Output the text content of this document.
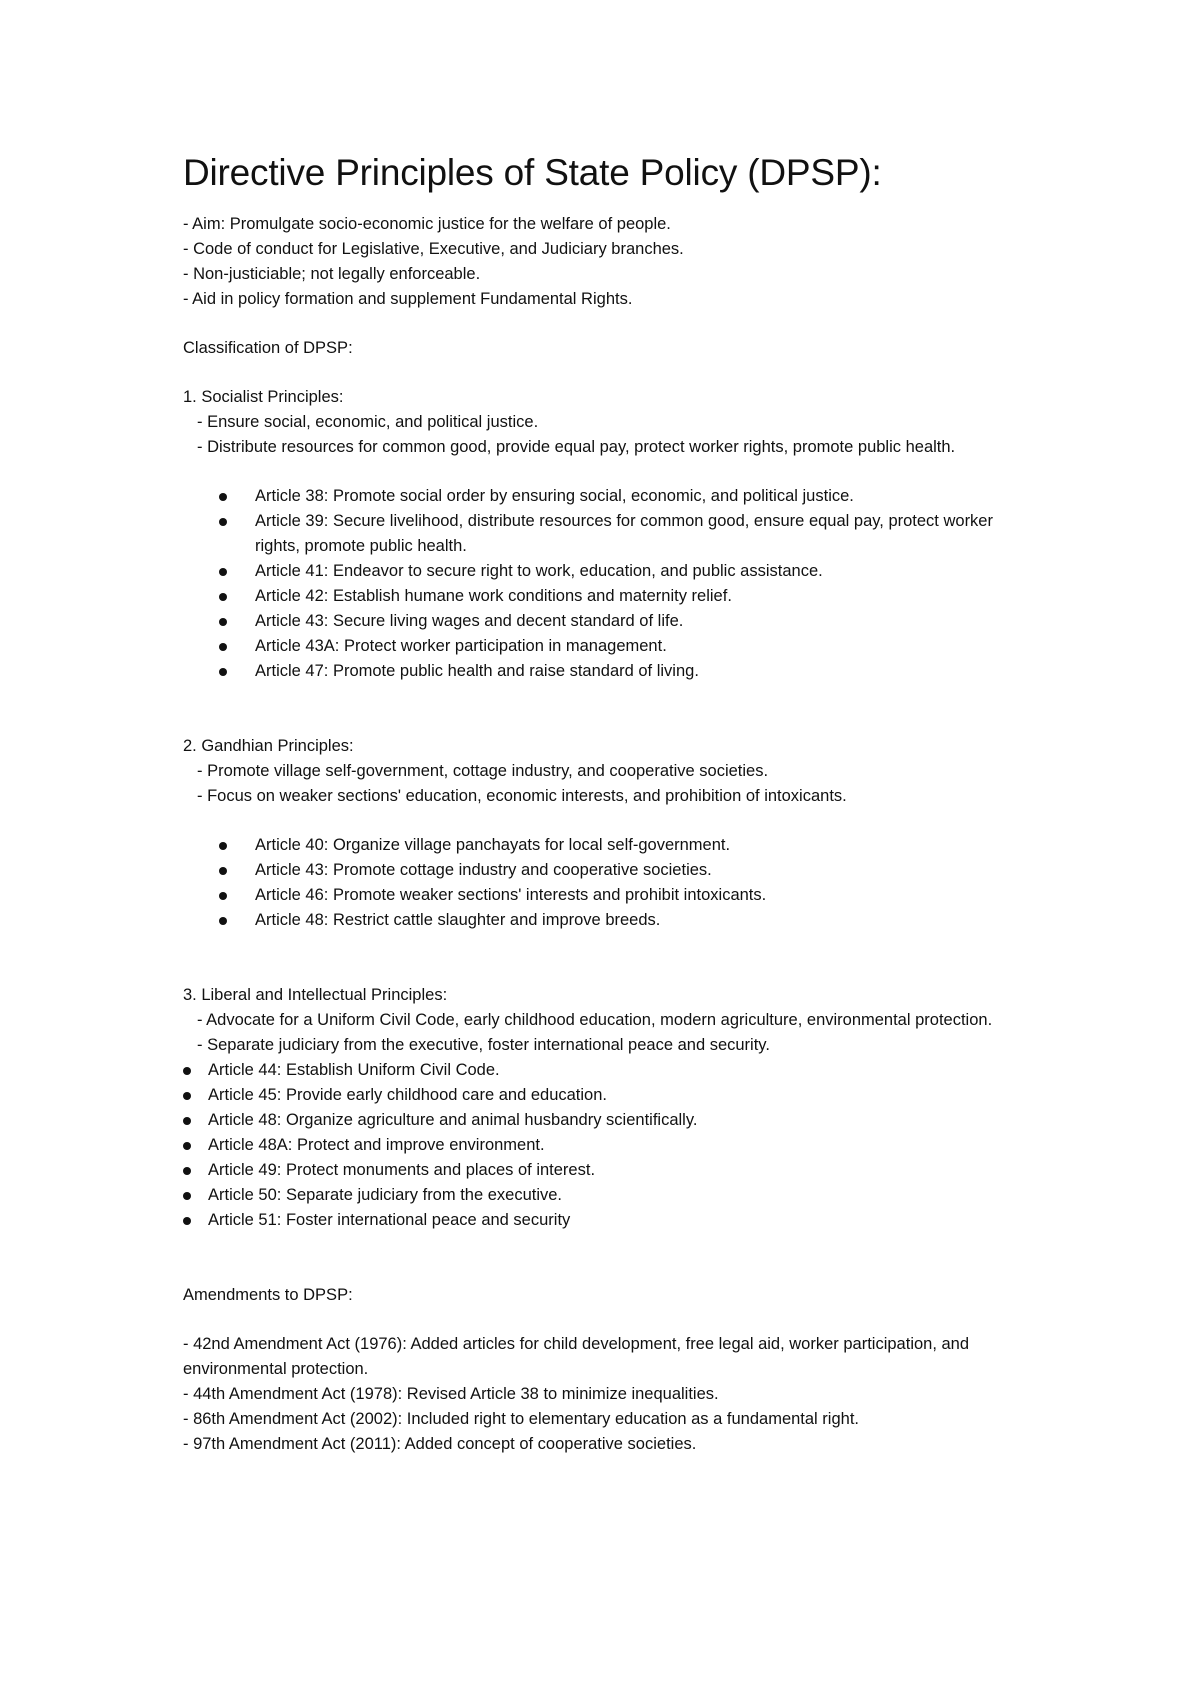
Directive Principles of State Policy (DPSP):

- Aim: Promulgate socio-economic justice for the welfare of people.

- Code of conduct for Legislative, Executive, and Judiciary branches.

- Non-justiciable; not legally enforceable.

- Aid in policy formation and supplement Fundamental Rights.

Classification of DPSP:

1. Socialist Principles:

- Ensure social, economic, and political justice.

- Distribute resources for common good, provide equal pay, protect worker rights, promote public health.

Article 38: Promote social order by ensuring social, economic, and political justice.
Article 39: Secure livelihood, distribute resources for common good, ensure equal pay, protect worker rights, promote public health.
Article 41: Endeavor to secure right to work, education, and public assistance.
Article 42: Establish humane work conditions and maternity relief.
Article 43: Secure living wages and decent standard of life.
Article 43A: Protect worker participation in management.
Article 47: Promote public health and raise standard of living.

2. Gandhian Principles:

- Promote village self-government, cottage industry, and cooperative societies.

- Focus on weaker sections' education, economic interests, and prohibition of intoxicants.

Article 40: Organize village panchayats for local self-government.
Article 43: Promote cottage industry and cooperative societies.
Article 46: Promote weaker sections' interests and prohibit intoxicants.
Article 48: Restrict cattle slaughter and improve breeds.

3. Liberal and Intellectual Principles:

- Advocate for a Uniform Civil Code, early childhood education, modern agriculture, environmental protection.

- Separate judiciary from the executive, foster international peace and security.

Article 44: Establish Uniform Civil Code.
Article 45: Provide early childhood care and education.
Article 48: Organize agriculture and animal husbandry scientifically.
Article 48A: Protect and improve environment.
Article 49: Protect monuments and places of interest.
Article 50: Separate judiciary from the executive.
Article 51: Foster international peace and security

Amendments to DPSP:

- 42nd Amendment Act (1976): Added articles for child development, free legal aid, worker participation, and environmental protection.

- 44th Amendment Act (1978): Revised Article 38 to minimize inequalities.

- 86th Amendment Act (2002): Included right to elementary education as a fundamental right.

- 97th Amendment Act (2011): Added concept of cooperative societies.
